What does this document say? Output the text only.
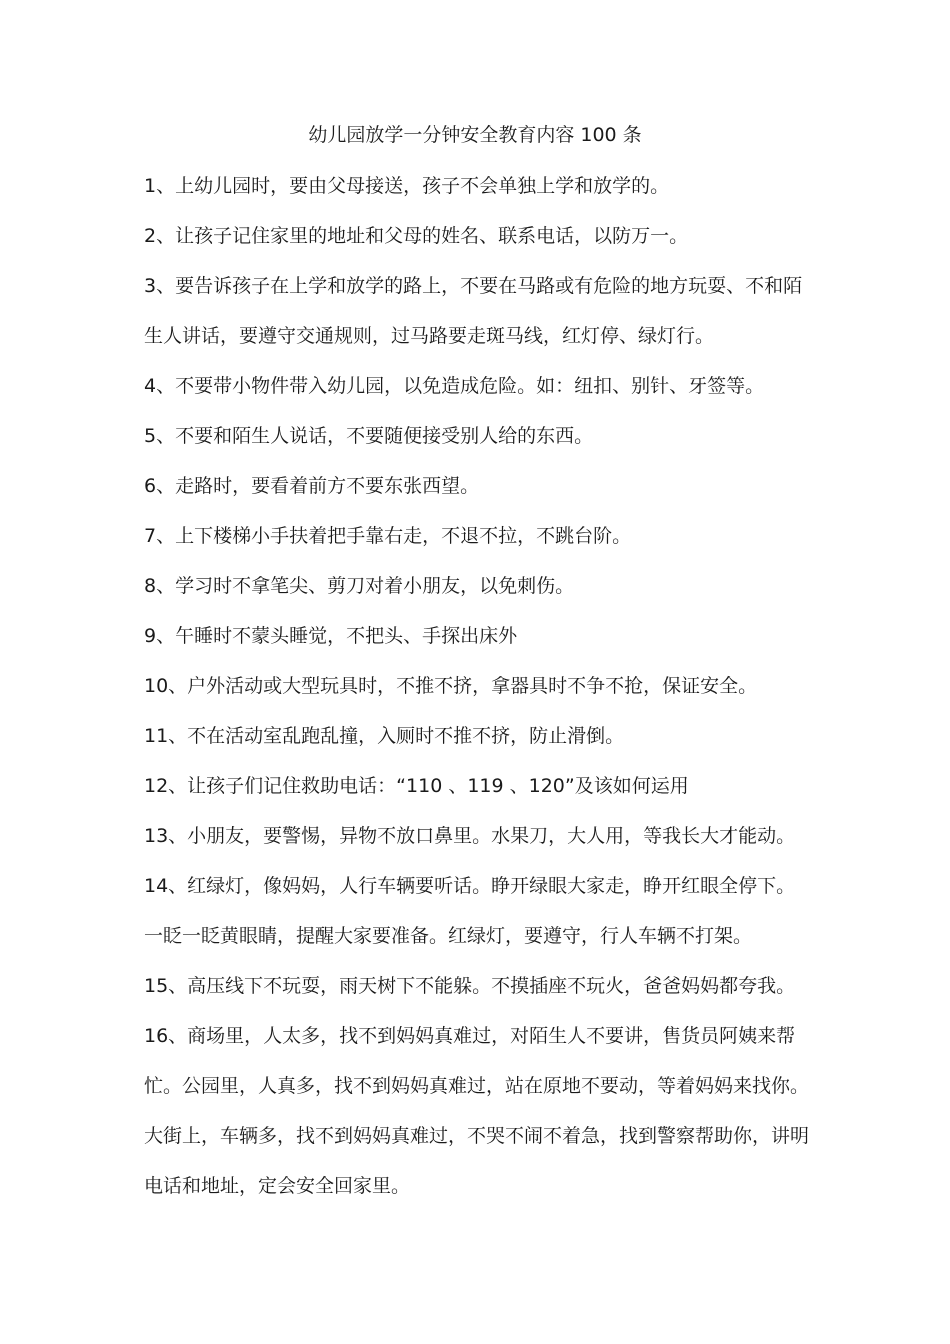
幼儿园放学一分钟安全教育内容 100 条
1、上幼儿园时，要由父母接送，孩子不会单独上学和放学的。
2、让孩子记住家里的地址和父母的姓名、联系电话，以防万一。
3、要告诉孩子在上学和放学的路上，不要在马路或有危险的地方玩耍、不和陌
生人讲话，要遵守交通规则，过马路要走斑马线，红灯停、绿灯行。
4、不要带小物件带入幼儿园，以免造成危险。如：纽扣、别针、牙签等。
5、不要和陌生人说话，不要随便接受别人给的东西。
6、走路时，要看着前方不要东张西望。
7、上下楼梯小手扶着把手靠右走，不退不拉，不跳台阶。
8、学习时不拿笔尖、剪刀对着小朋友，以免刺伤。
9、午睡时不蒙头睡觉，不把头、手探出床外
10、户外活动或大型玩具时，不推不挤，拿器具时不争不抢，保证安全。
11、不在活动室乱跑乱撞，入厕时不推不挤，防止滑倒。
12、让孩子们记住救助电话：“110 、119 、120”及该如何运用
13、小朋友，要警惕，异物不放口鼻里。水果刀，大人用，等我长大才能动。
14、红绿灯，像妈妈，人行车辆要听话。睁开绿眼大家走，睁开红眼全停下。
一眨一眨黄眼睛，提醒大家要准备。红绿灯，要遵守，行人车辆不打架。
15、高压线下不玩耍，雨天树下不能躲。不摸插座不玩火，爸爸妈妈都夸我。
16、商场里，人太多，找不到妈妈真难过，对陌生人不要讲，售货员阿姨来帮
忙。公园里，人真多，找不到妈妈真难过，站在原地不要动，等着妈妈来找你。
大街上，车辆多，找不到妈妈真难过，不哭不闹不着急，找到警察帮助你，讲明
电话和地址，定会安全回家里。
